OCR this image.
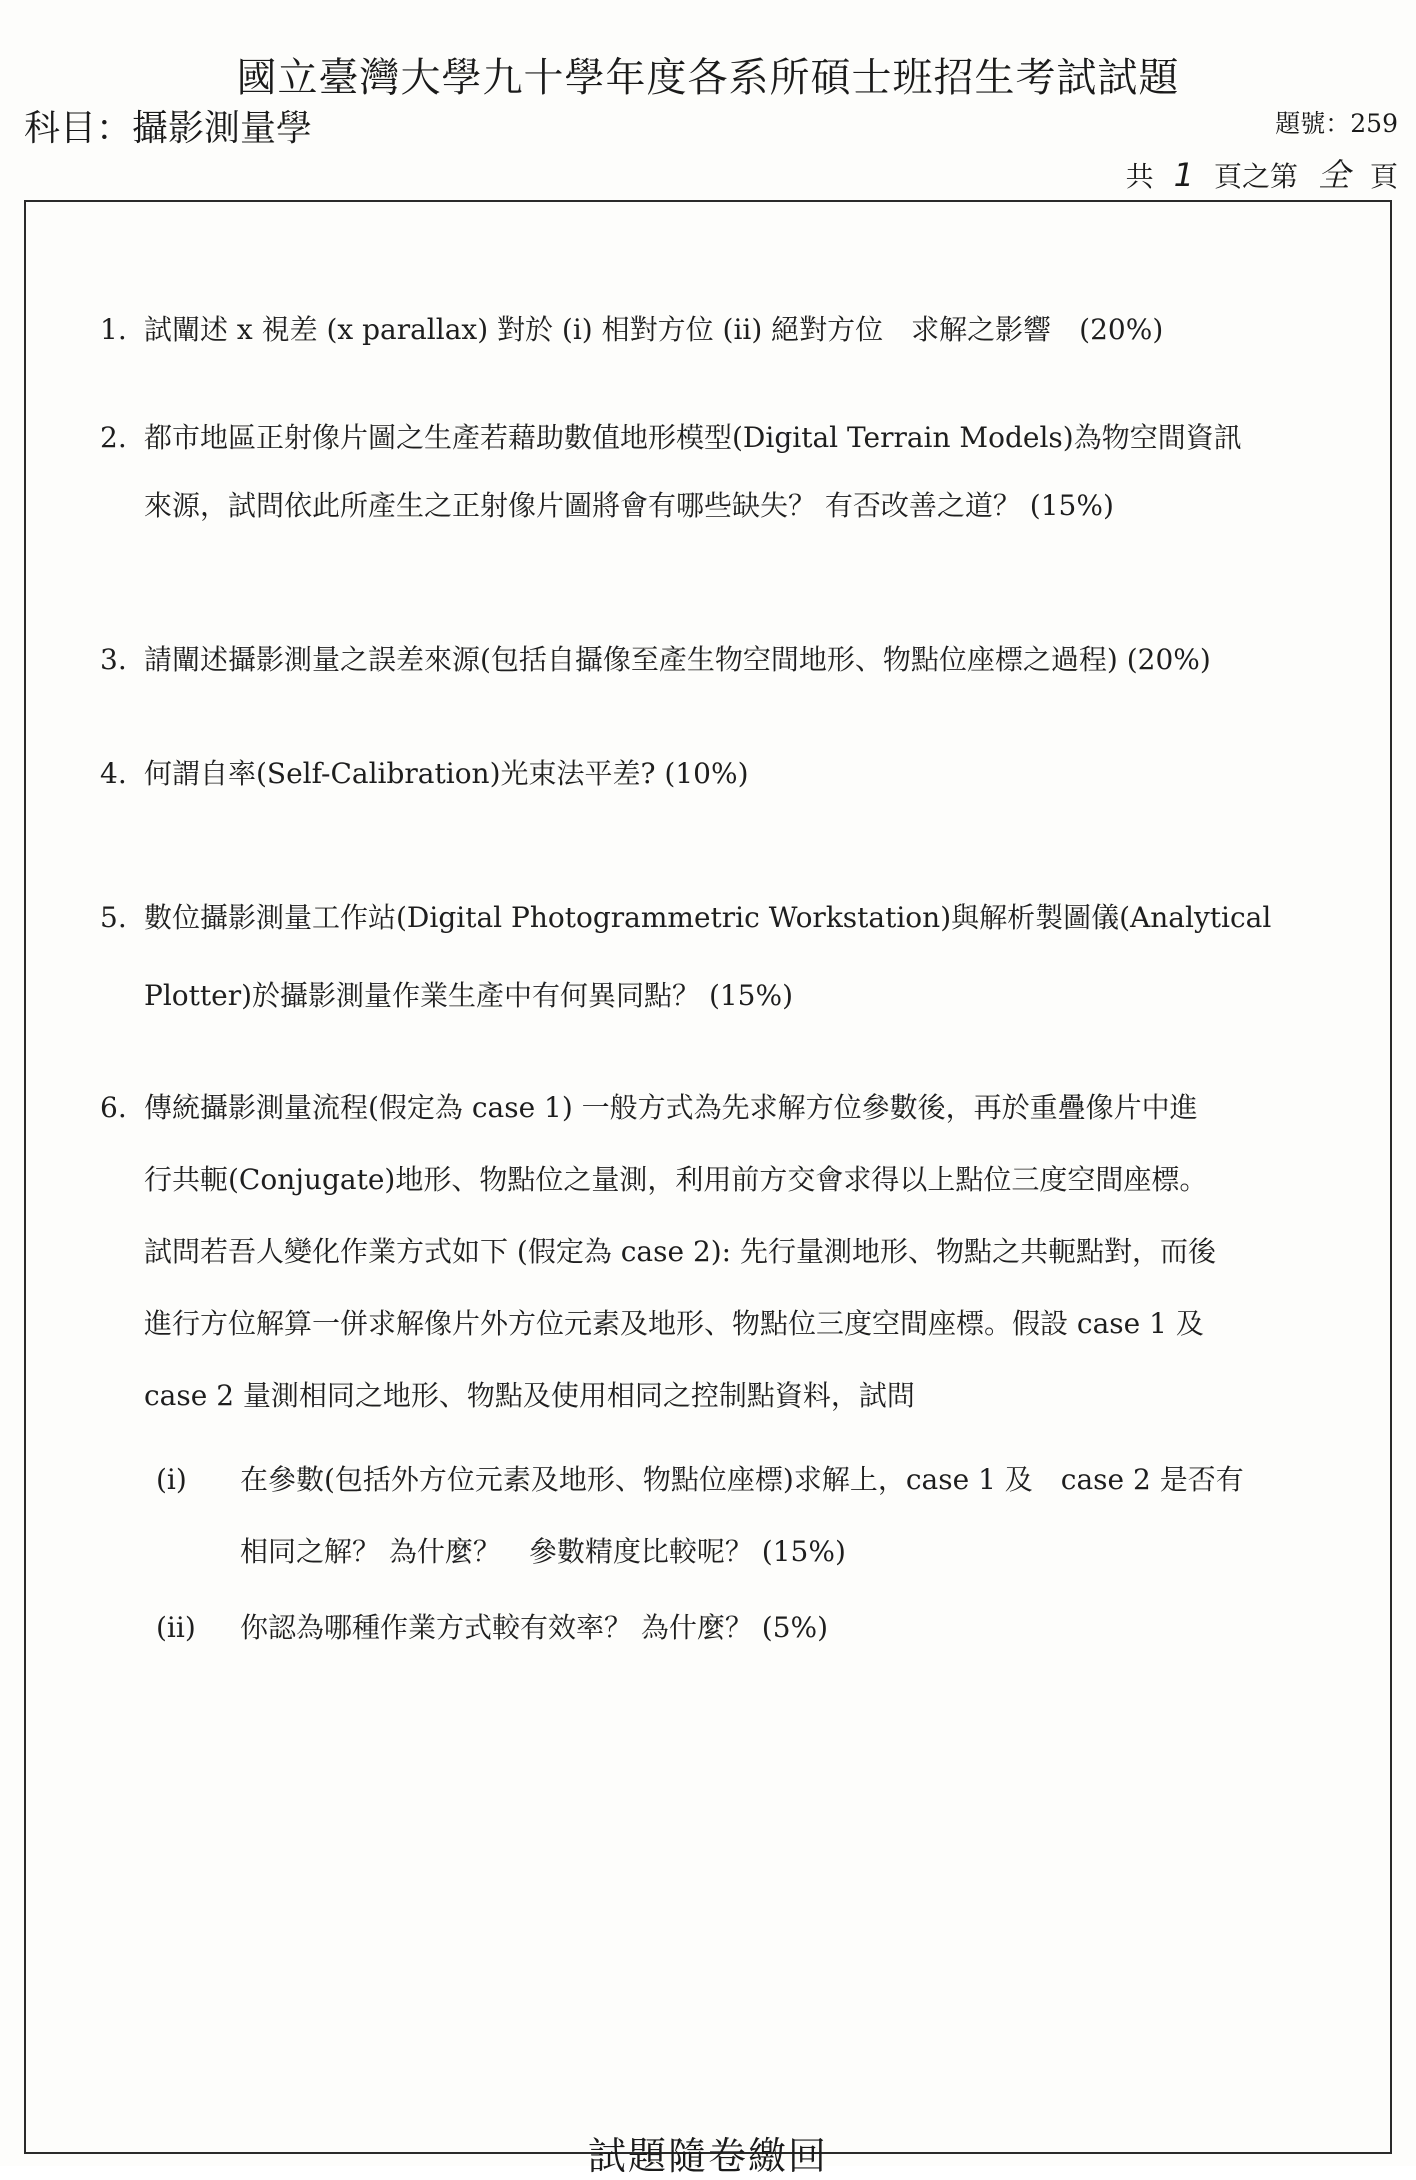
國立臺灣大學九十學年度各系所碩士班招生考試試題
科目：攝影測量學	題號：259
共 1 頁之第 全 頁
1. 試闡述 x 視差 (x parallax) 對於 (i) 相對方位 (ii) 絕對方位　求解之影響　(20%)
2. 都市地區正射像片圖之生產若藉助數值地形模型(Digital Terrain Models)為物空間資訊
來源，試問依此所產生之正射像片圖將會有哪些缺失？ 有否改善之道？ (15%)
3. 請闡述攝影測量之誤差來源(包括自攝像至產生物空間地形、物點位座標之過程) (20%)
4. 何謂自率(Self-Calibration)光束法平差? (10%)
5. 數位攝影測量工作站(Digital Photogrammetric Workstation)與解析製圖儀(Analytical
Plotter)於攝影測量作業生產中有何異同點？ (15%)
6. 傳統攝影測量流程(假定為 case 1) 一般方式為先求解方位參數後，再於重疊像片中進
行共軛(Conjugate)地形、物點位之量測，利用前方交會求得以上點位三度空間座標。
試問若吾人變化作業方式如下 (假定為 case 2): 先行量測地形、物點之共軛點對，而後
進行方位解算一併求解像片外方位元素及地形、物點位三度空間座標。假設 case 1 及
case 2 量測相同之地形、物點及使用相同之控制點資料，試問
(i) 在參數(包括外方位元素及地形、物點位座標)求解上，case 1 及　case 2 是否有
相同之解？ 為什麼？　參數精度比較呢？ (15%)
(ii) 你認為哪種作業方式較有效率？ 為什麼？ (5%)
試題隨卷繳回
